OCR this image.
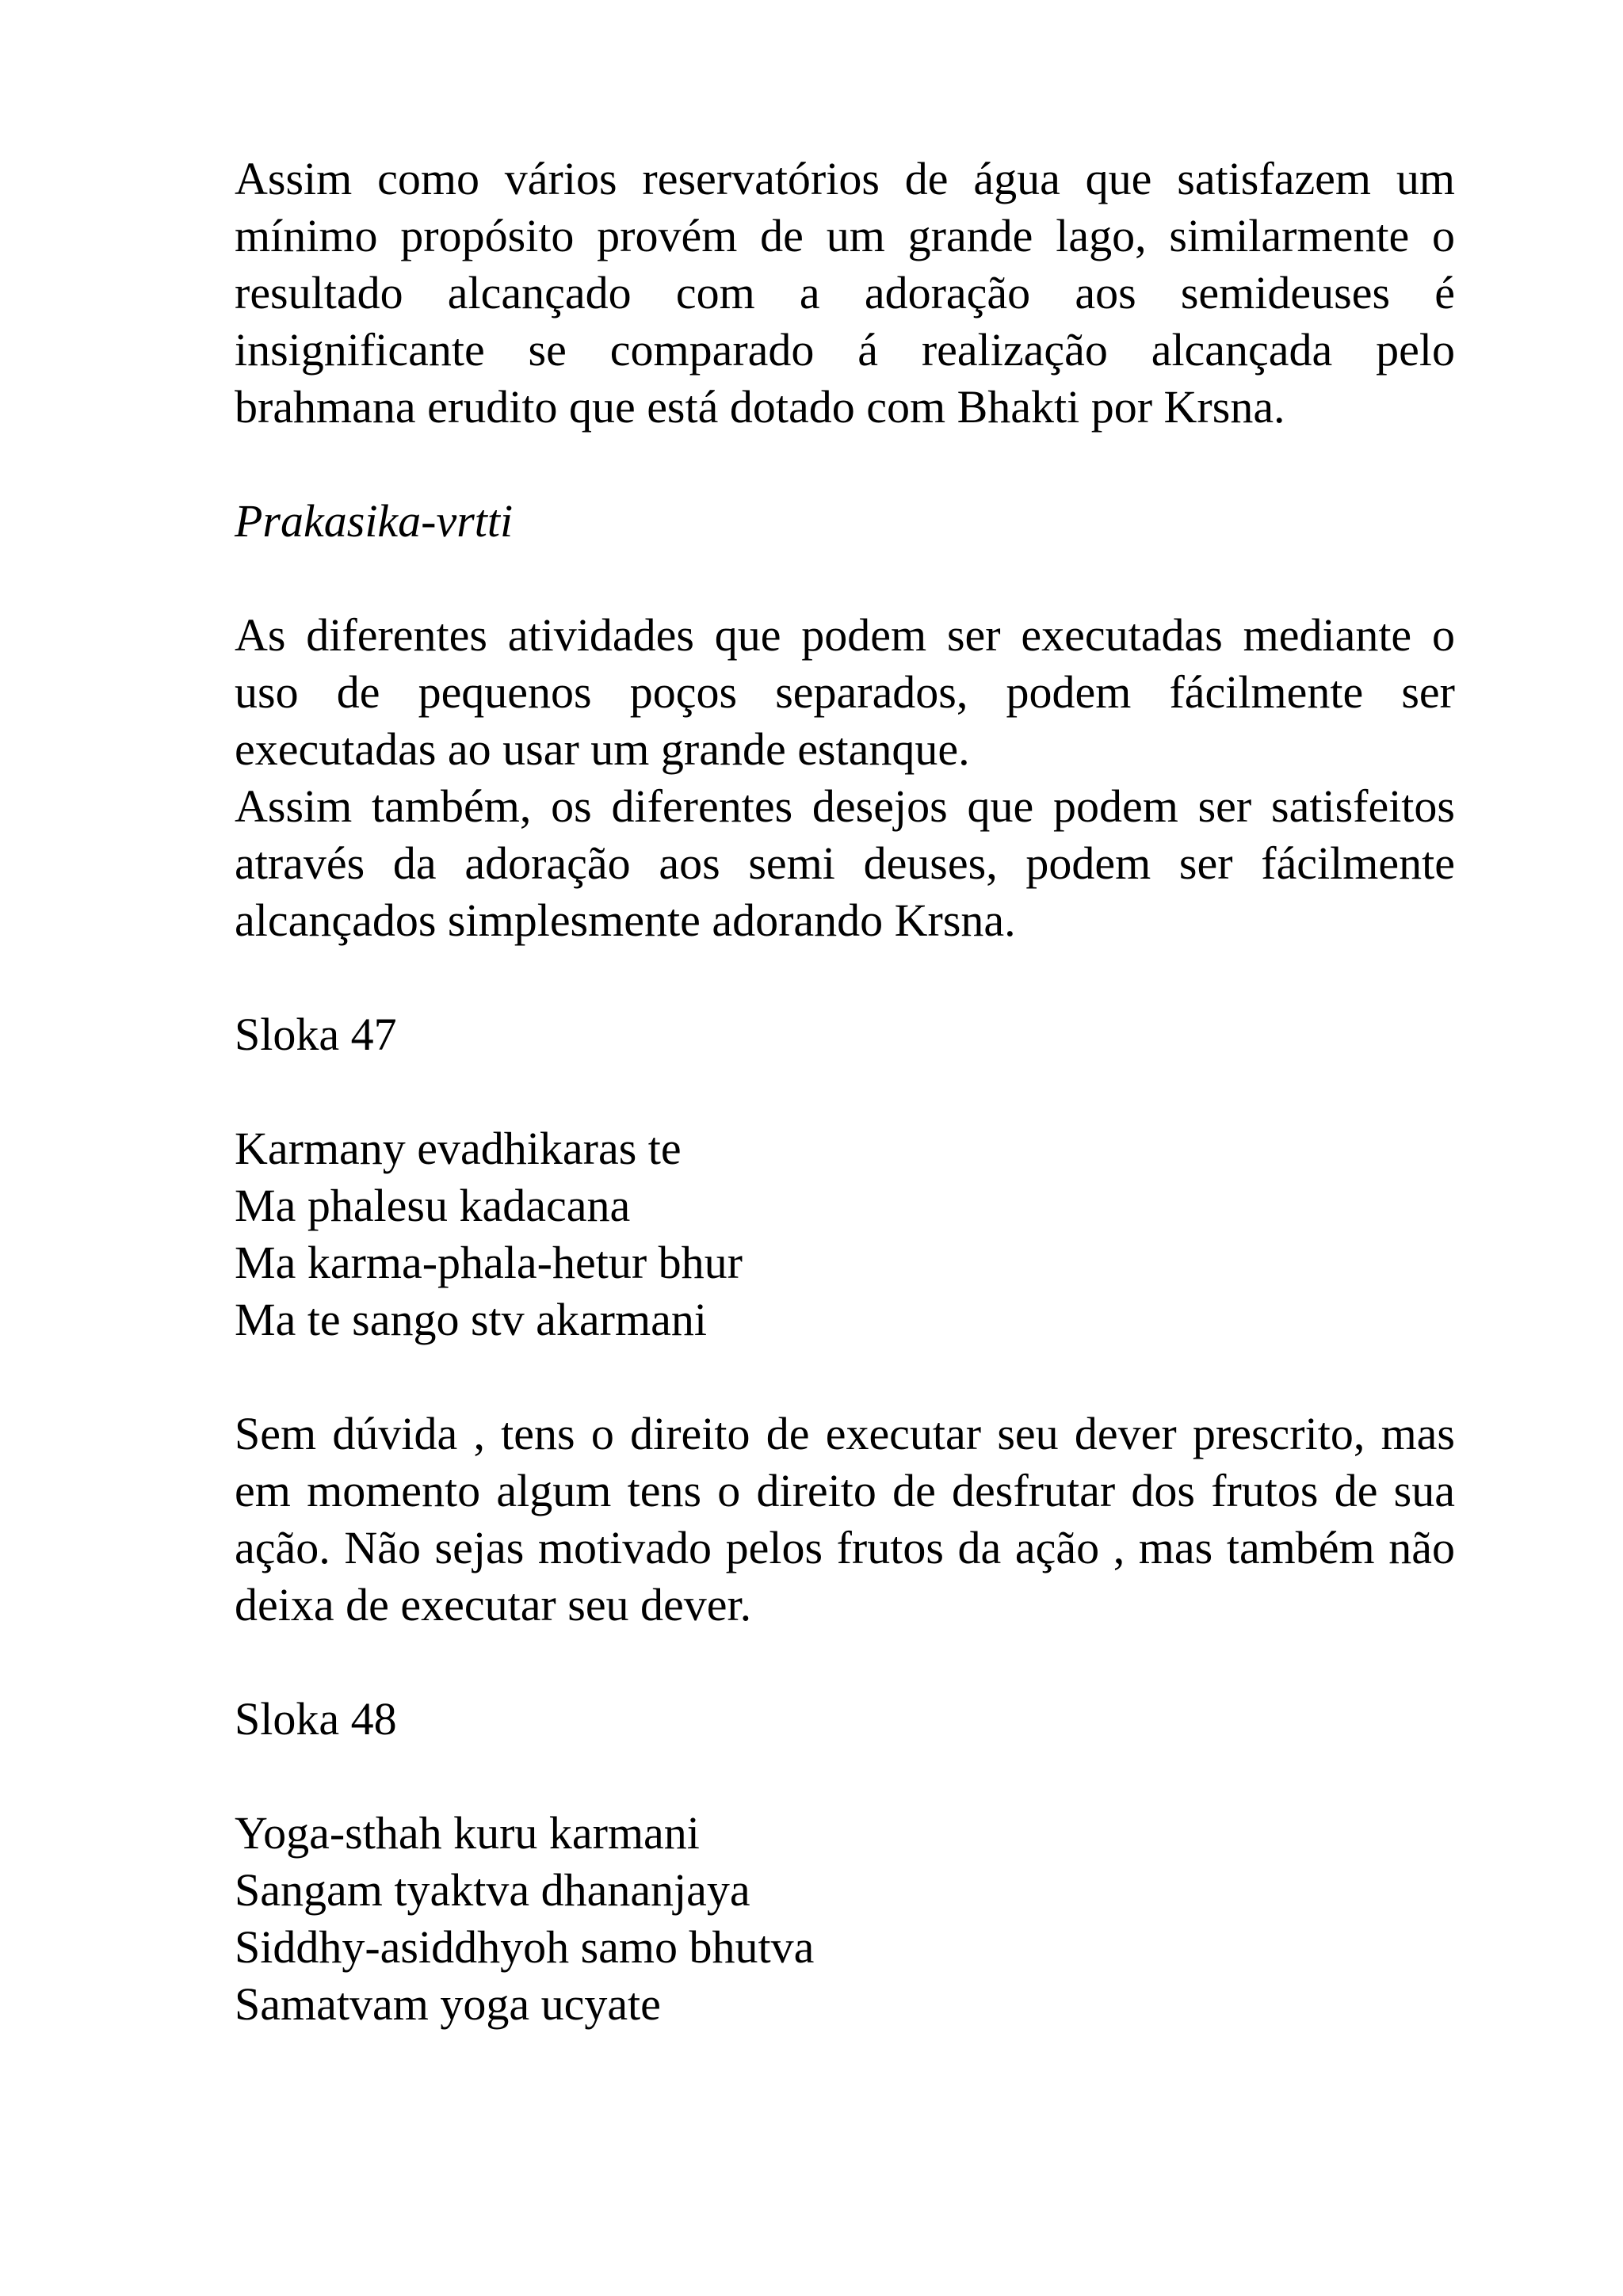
Assim como vários reservatórios de água que satisfazem um mínimo propósito provém de um grande lago, similarmente o resultado alcançado com a adoração aos semideuses é insignificante se comparado á realização alcançada pelo brahmana erudito que está dotado com Bhakti por Krsna.

Prakasika-vrtti

As diferentes atividades que podem ser executadas mediante o uso de pequenos poços separados, podem fácilmente ser executadas ao usar um grande estanque.

Assim também, os diferentes desejos que podem ser satisfeitos através da adoração aos semi deuses, podem ser fácilmente alcançados simplesmente adorando Krsna.

Sloka 47

Karmany evadhikaras te
Ma phalesu kadacana
Ma karma-phala-hetur bhur
Ma te sango stv akarmani

Sem dúvida , tens o direito de executar seu dever prescrito, mas em momento algum tens o direito de desfrutar dos frutos de sua ação. Não sejas motivado pelos frutos da ação , mas também não deixa de executar seu dever.

Sloka 48

Yoga-sthah kuru karmani
Sangam tyaktva dhananjaya
Siddhy-asiddhyoh samo bhutva
Samatvam yoga ucyate
